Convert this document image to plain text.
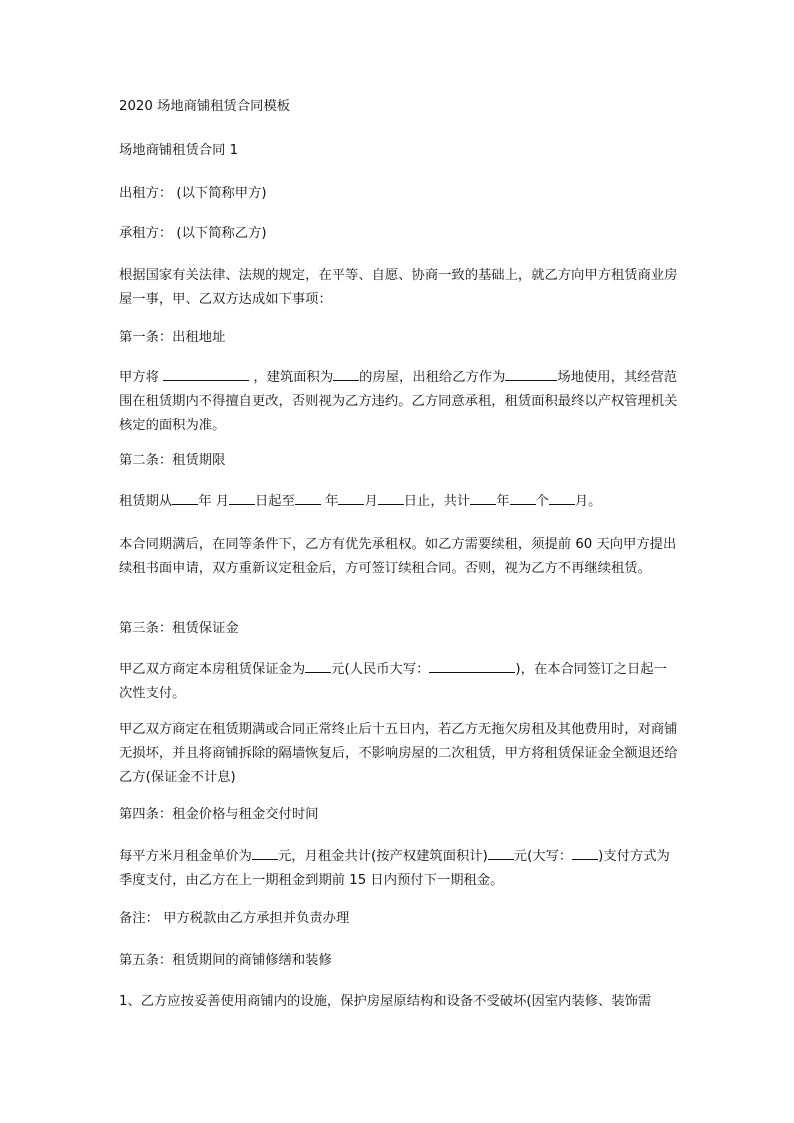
2020 场地商铺租赁合同模板

场地商铺租赁合同 1

出租方： (以下简称甲方)

承租方： (以下简称乙方)

根据国家有关法律、法规的规定，在平等、自愿、协商一致的基础上，就乙方向甲方租赁商业房屋一事，甲、乙双方达成如下事项：

第一条：出租地址

甲方将	，建筑面积为 的房屋，出租给乙方作为	场地使用，其经营范围在租赁期内不得擅自更改，否则视为乙方违约。乙方同意承租，租赁面积最终以产权管理机关核定的面积为准。

第二条：租赁期限

租赁期从 年 月 日起至 年 月 日止，共计 年 个 月。

本合同期满后，在同等条件下，乙方有优先承租权。如乙方需要续租，须提前 60 天向甲方提出续租书面申请，双方重新议定租金后，方可签订续租合同。否则，视为乙方不再继续租赁。

第三条：租赁保证金

甲乙双方商定本房租赁保证金为 元(人民币大写：	)，在本合同签订之日起一次性支付。

甲乙双方商定在租赁期满或合同正常终止后十五日内，若乙方无拖欠房租及其他费用时，对商铺无损坏，并且将商铺拆除的隔墙恢复后，不影响房屋的二次租赁，甲方将租赁保证金全额退还给乙方(保证金不计息)

第四条：租金价格与租金交付时间

每平方米月租金单价为 元，月租金共计(按产权建筑面积计) 元(大写： )支付方式为季度支付，由乙方在上一期租金到期前 15 日内预付下一期租金。

备注： 甲方税款由乙方承担并负责办理

第五条：租赁期间的商铺修缮和装修

1、乙方应按妥善使用商铺内的设施，保护房屋原结构和设备不受破坏(因室内装修、装饰需
